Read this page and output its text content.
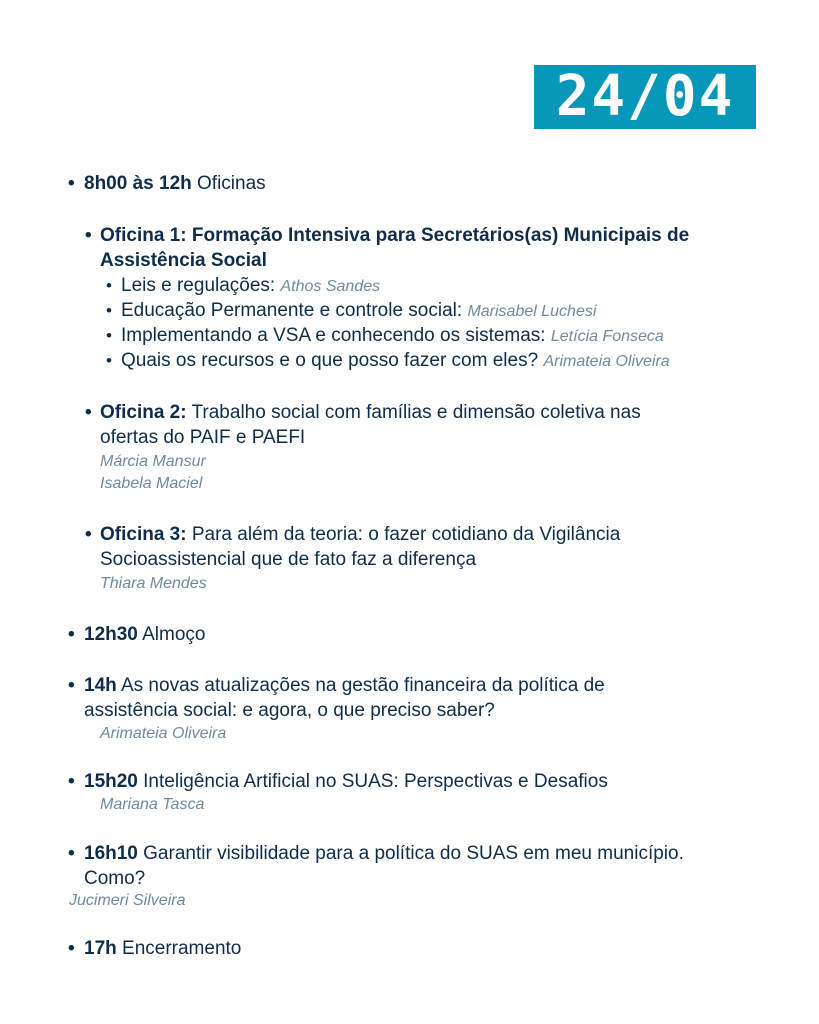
24/04
• 8h00 às 12h Oficinas
• Oficina 1: Formação Intensiva para Secretários(as) Municipais de
Assistência Social
• Leis e regulações: Athos Sandes
• Educação Permanente e controle social: Marisabel Luchesi
• Implementando a VSA e conhecendo os sistemas: Letícia Fonseca
• Quais os recursos e o que posso fazer com eles? Arimateia Oliveira
• Oficina 2: Trabalho social com famílias e dimensão coletiva nas
ofertas do PAIF e PAEFI
Márcia Mansur
Isabela Maciel
• Oficina 3: Para além da teoria: o fazer cotidiano da Vigilância
Socioassistencial que de fato faz a diferença
Thiara Mendes
• 12h30 Almoço
• 14h As novas atualizações na gestão financeira da política de
assistência social: e agora, o que preciso saber?
Arimateia Oliveira
• 15h20 Inteligência Artificial no SUAS: Perspectivas e Desafios
Mariana Tasca
• 16h10 Garantir visibilidade para a política do SUAS em meu município.
Como?
Jucimeri Silveira
• 17h Encerramento
